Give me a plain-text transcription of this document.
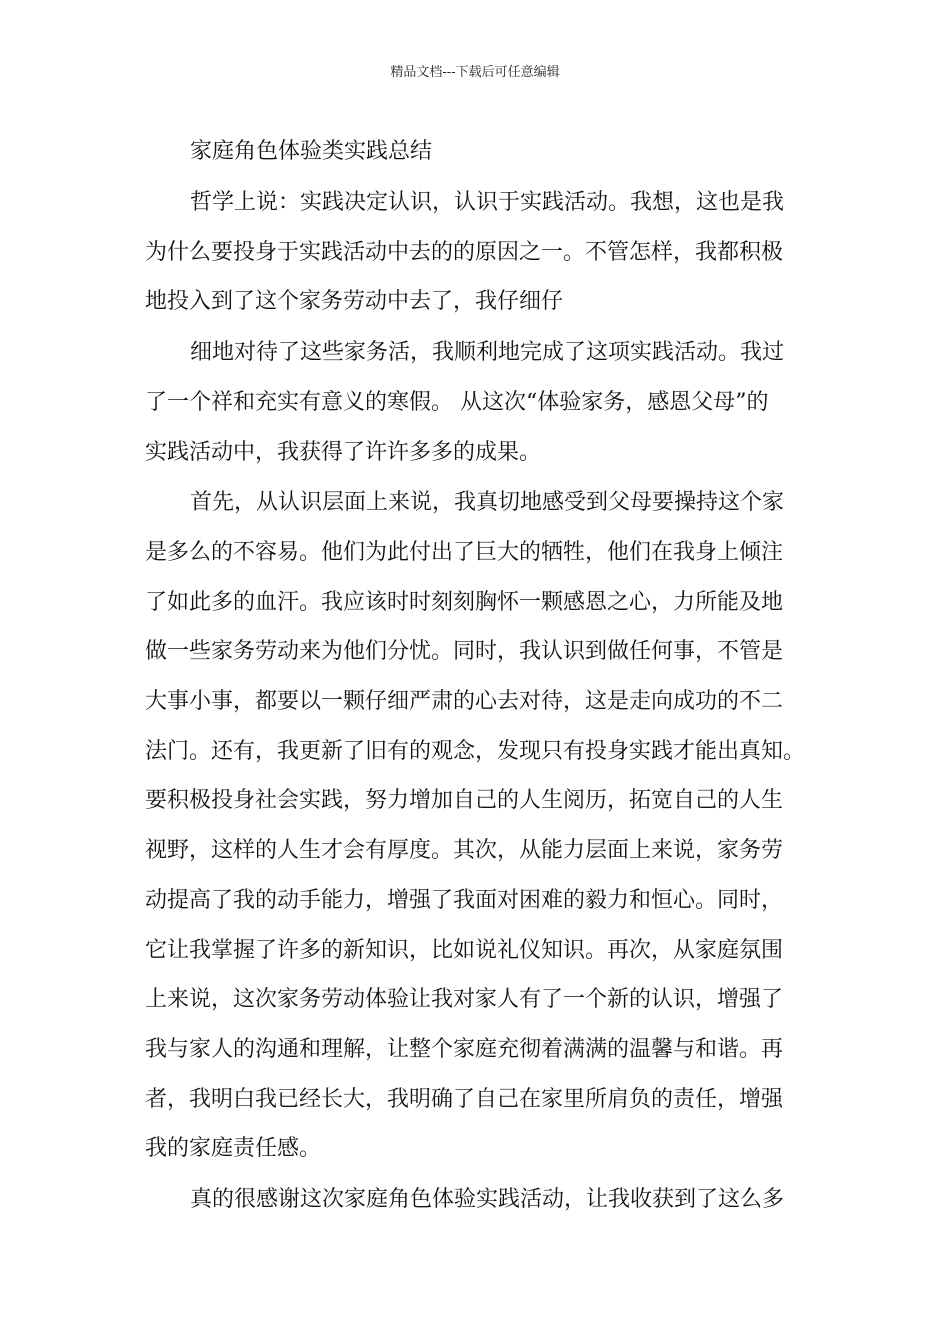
精品文档---下载后可任意编辑
家庭角色体验类实践总结

哲学上说：实践决定认识，认识于实践活动。我想，这也是我
为什么要投身于实践活动中去的的原因之一。不管怎样，我都积极
地投入到了这个家务劳动中去了，我仔细仔

细地对待了这些家务活，我顺利地完成了这项实践活动。我过
了一个祥和充实有意义的寒假。 从这次“体验家务，感恩父母”的
实践活动中，我获得了许许多多的成果。

首先，从认识层面上来说，我真切地感受到父母要操持这个家
是多么的不容易。他们为此付出了巨大的牺牲，他们在我身上倾注
了如此多的血汗。我应该时时刻刻胸怀一颗感恩之心，力所能及地
做一些家务劳动来为他们分忧。同时，我认识到做任何事，不管是
大事小事，都要以一颗仔细严肃的心去对待，这是走向成功的不二
法门。还有，我更新了旧有的观念，发现只有投身实践才能出真知。
要积极投身社会实践，努力增加自己的人生阅历，拓宽自己的人生
视野，这样的人生才会有厚度。其次，从能力层面上来说，家务劳
动提高了我的动手能力，增强了我面对困难的毅力和恒心。同时，
它让我掌握了许多的新知识，比如说礼仪知识。再次，从家庭氛围
上来说，这次家务劳动体验让我对家人有了一个新的认识，增强了
我与家人的沟通和理解，让整个家庭充彻着满满的温馨与和谐。再
者，我明白我已经长大，我明确了自己在家里所肩负的责任，增强
我的家庭责任感。

真的很感谢这次家庭角色体验实践活动，让我收获到了这么多
